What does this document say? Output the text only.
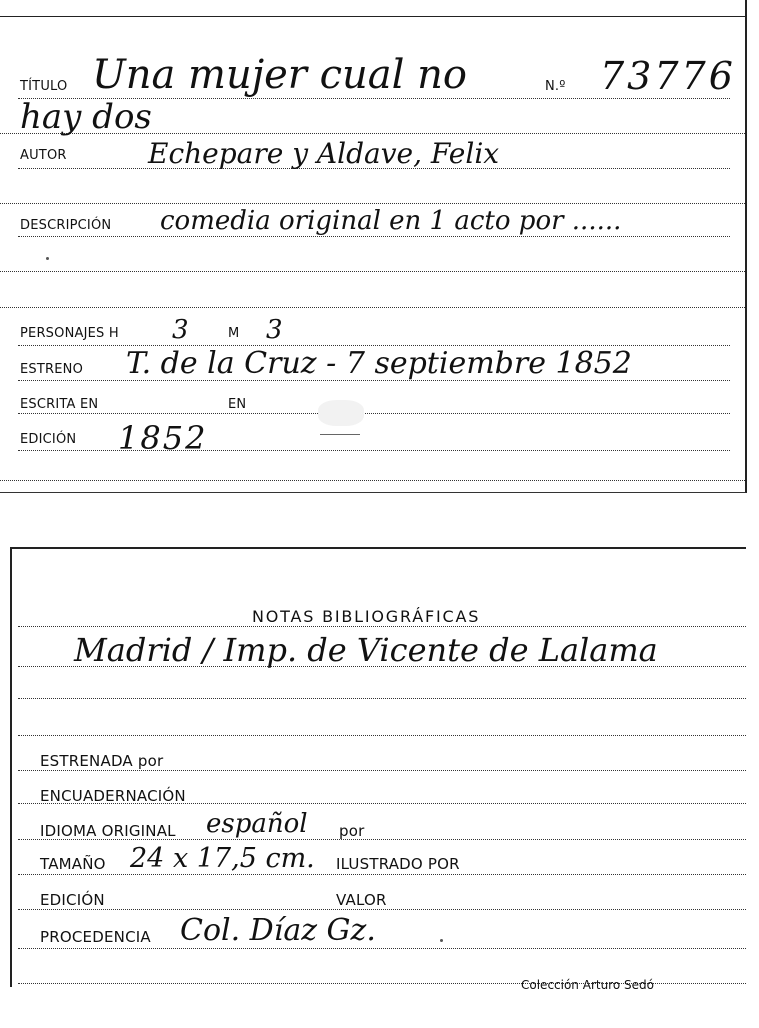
TÍTULO Una mujer cual no	N.º 73776
hay dos
AUTOR	Echepare y Aldave, Felix
DESCRIPCIÓN comedia original en 1 acto por ......
PERSONAJES H 3	M 3
ESTRENO T. de la Cruz - 7 septiembre 1852
ESCRITA EN	EN
EDICIÓN 1852
NOTAS BIBLIOGRÁFICAS
Madrid / Imp. de Vicente de Lalama
ESTRENADA por
ENCUADERNACIÓN
IDIOMA ORIGINAL español por
TAMAÑO 24 x 17,5 cm. ILUSTRADO POR
EDICIÓN	VALOR
PROCEDENCIA Col. Díaz Gz.
Colección Arturo Sedó
